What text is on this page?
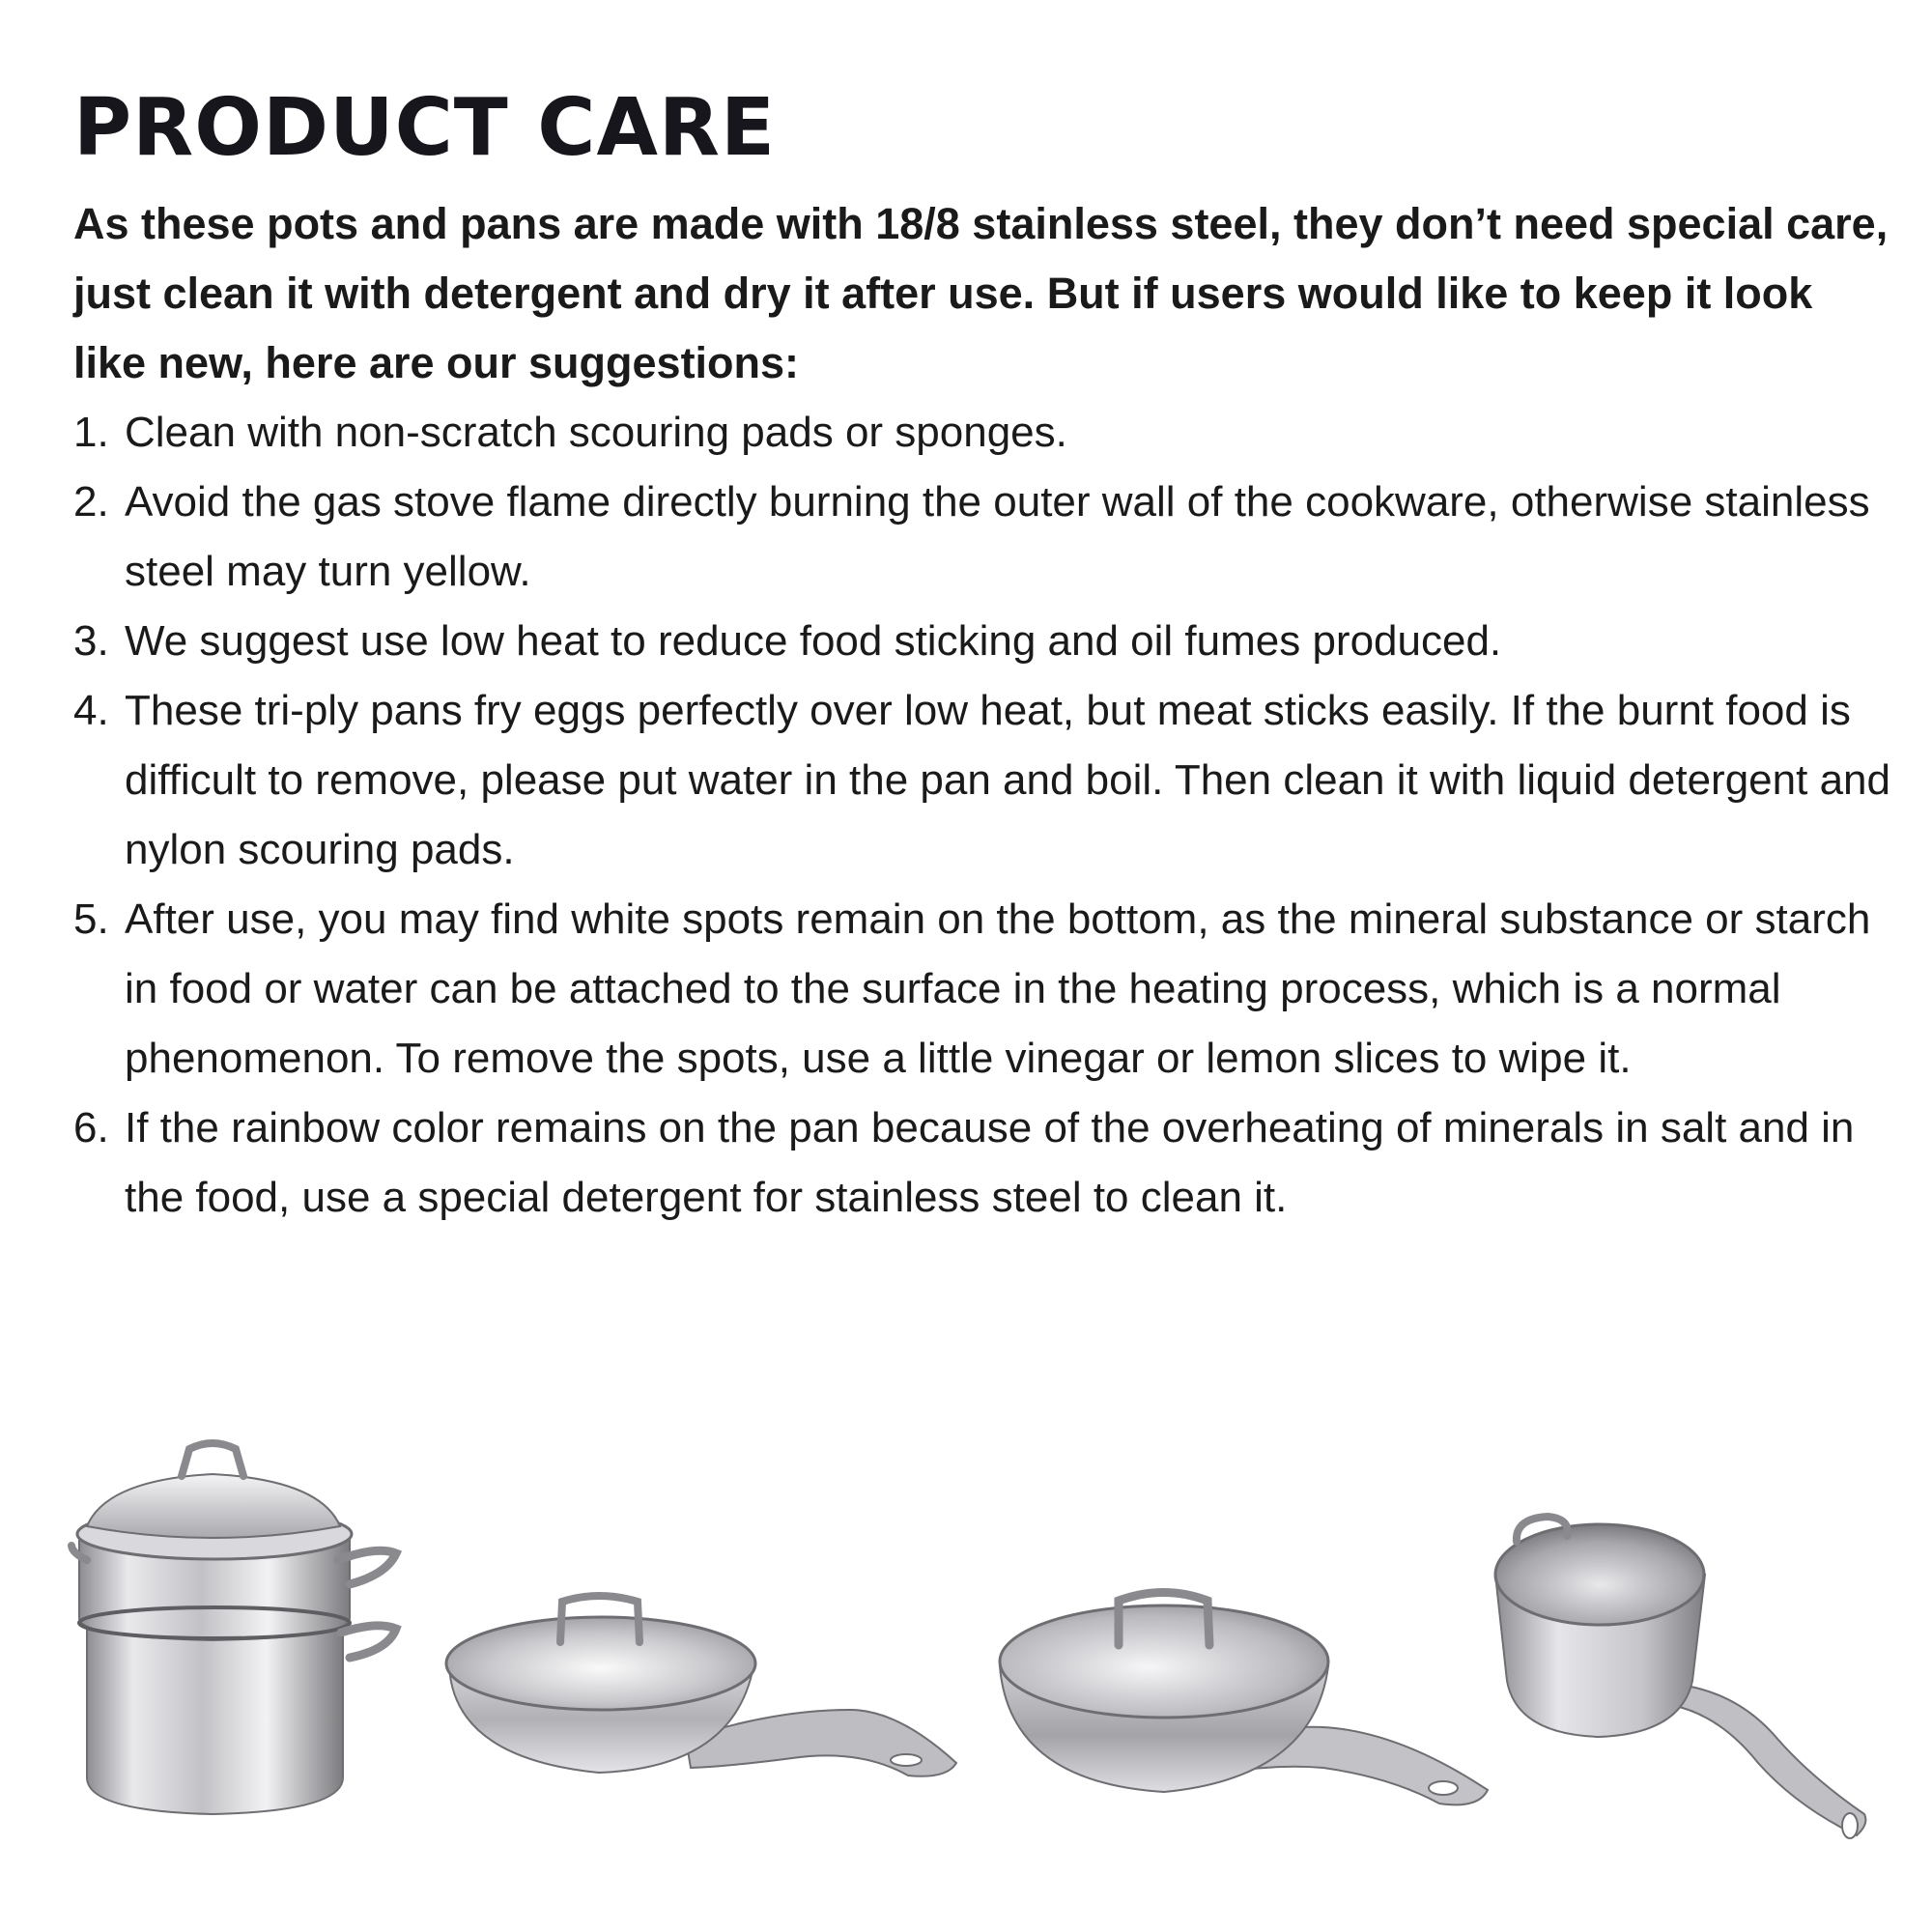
PRODUCT CARE

As these pots and pans are made with 18/8 stainless steel, they don’t need special care, just clean it with detergent and dry it after use. But if users would like to keep it look like new, here are our suggestions:

1. Clean with non-scratch scouring pads or sponges.
2. Avoid the gas stove flame directly burning the outer wall of the cookware, otherwise stainless steel may turn yellow.
3. We suggest use low heat to reduce food sticking and oil fumes produced.
4. These tri-ply pans fry eggs perfectly over low heat, but meat sticks easily. If the burnt food is difficult to remove, please put water in the pan and boil. Then clean it with liquid detergent and nylon scouring pads.
5. After use, you may find white spots remain on the bottom, as the mineral substance or starch in food or water can be attached to the surface in the heating process, which is a normal phenomenon. To remove the spots, use a little vinegar or lemon slices to wipe it.
6. If the rainbow color remains on the pan because of the overheating of minerals in salt and in the food, use a special detergent for stainless steel to clean it.
